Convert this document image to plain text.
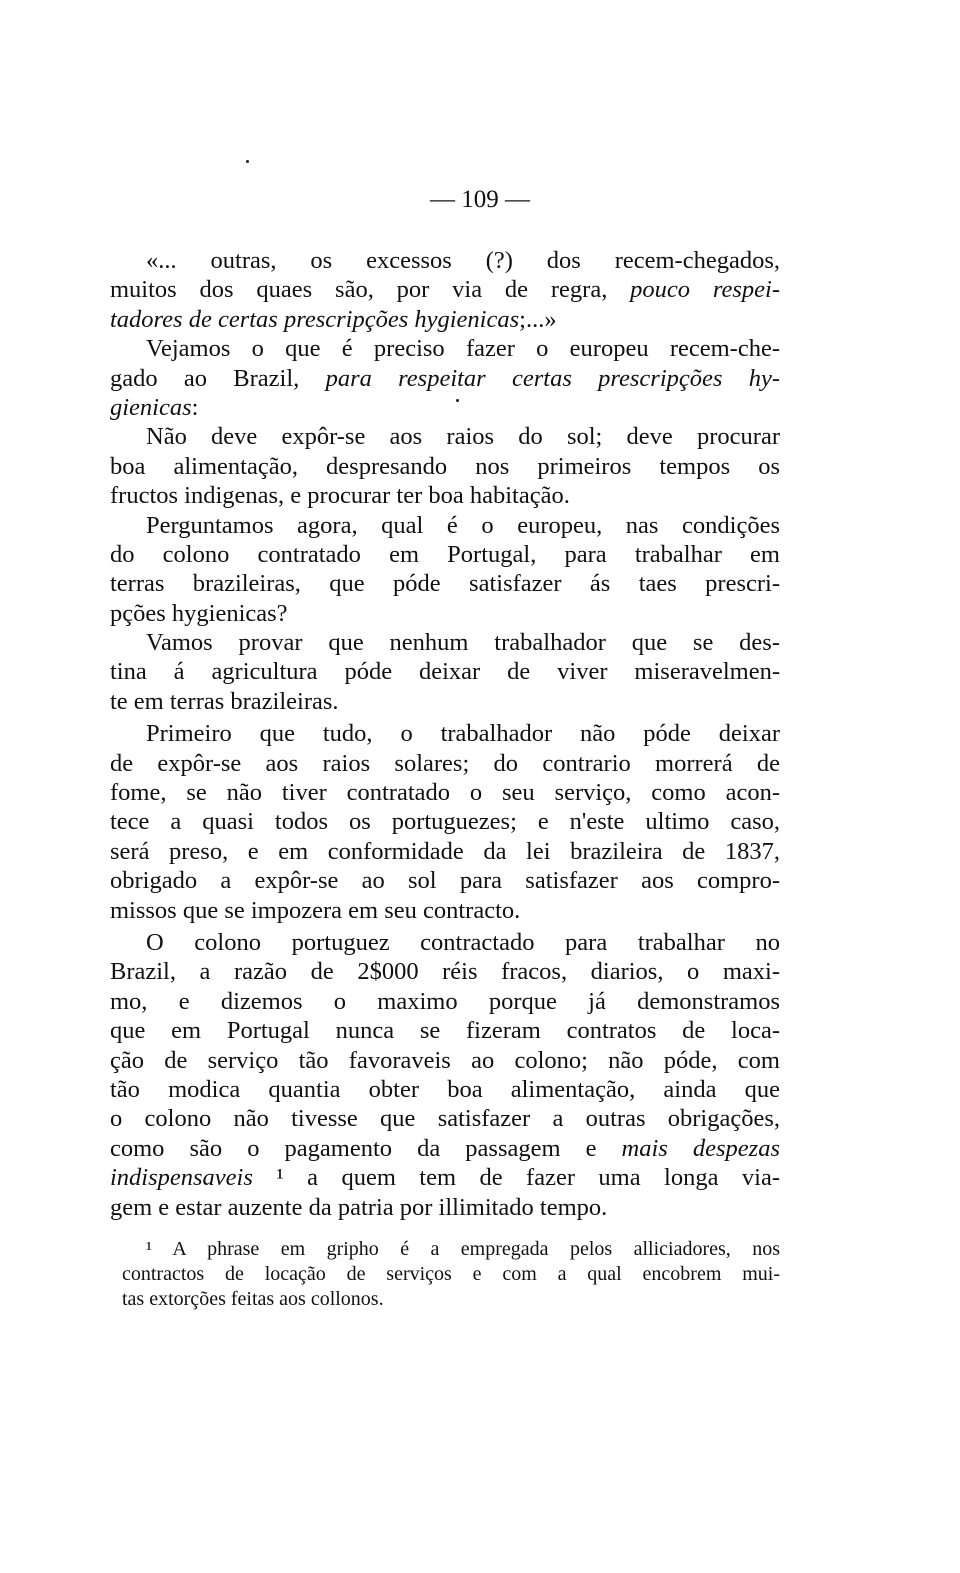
— 109 —
«... outras, os excessos (?) dos recem-chegados,
muitos dos quaes são, por via de regra, pouco respei-
tadores de certas prescripções hygienicas;...»
Vejamos o que é preciso fazer o europeu recem-che-
gado ao Brazil, para respeitar certas prescripções hy-
gienicas:
Não deve expôr-se aos raios do sol; deve procurar
boa alimentação, despresando nos primeiros tempos os
fructos indigenas, e procurar ter boa habitação.
Perguntamos agora, qual é o europeu, nas condições
do colono contratado em Portugal, para trabalhar em
terras brazileiras, que póde satisfazer ás taes prescri-
pções hygienicas?
Vamos provar que nenhum trabalhador que se des-
tina á agricultura póde deixar de viver miseravelmen-
te em terras brazileiras.
Primeiro que tudo, o trabalhador não póde deixar
de expôr-se aos raios solares; do contrario morrerá de
fome, se não tiver contratado o seu serviço, como acon-
tece a quasi todos os portuguezes; e n'este ultimo caso,
será preso, e em conformidade da lei brazileira de 1837,
obrigado a expôr-se ao sol para satisfazer aos compro-
missos que se impozera em seu contracto.
O colono portuguez contractado para trabalhar no
Brazil, a razão de 2$000 réis fracos, diarios, o maxi-
mo, e dizemos o maximo porque já demonstramos
que em Portugal nunca se fizeram contratos de loca-
ção de serviço tão favoraveis ao colono; não póde, com
tão modica quantia obter boa alimentação, ainda que
o colono não tivesse que satisfazer a outras obrigações,
como são o pagamento da passagem e mais despezas
indispensaveis ¹ a quem tem de fazer uma longa via-
gem e estar auzente da patria por illimitado tempo.
¹ A phrase em gripho é a empregada pelos alliciadores, nos
contractos de locação de serviços e com a qual encobrem mui-
tas extorções feitas aos collonos.
